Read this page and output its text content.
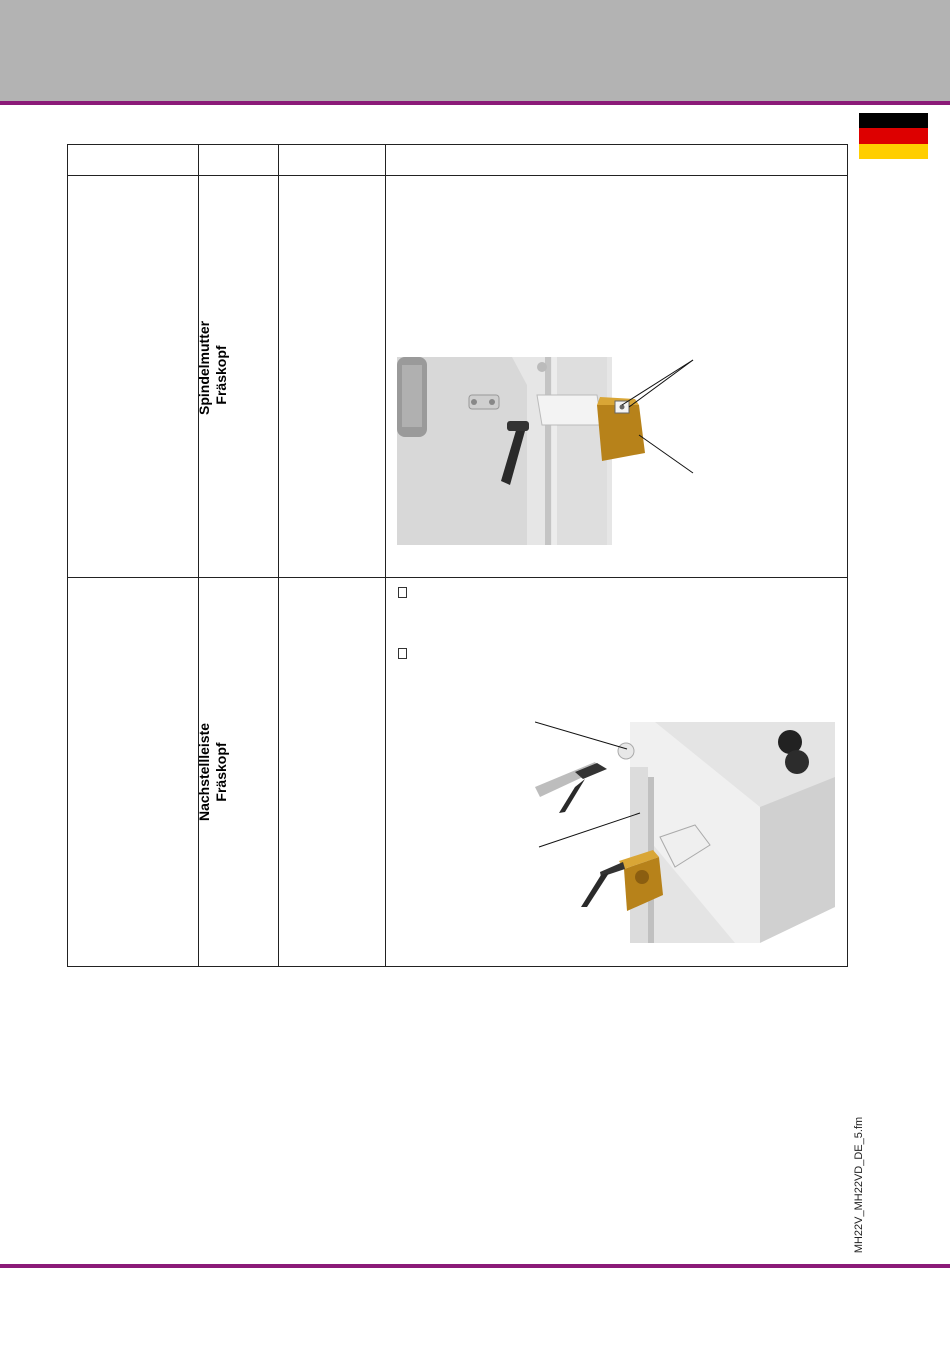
Spindelmutter
Fräskopf
Nachstellleiste
Fräskopf
MH22V_MH22VD_DE_5.fm
